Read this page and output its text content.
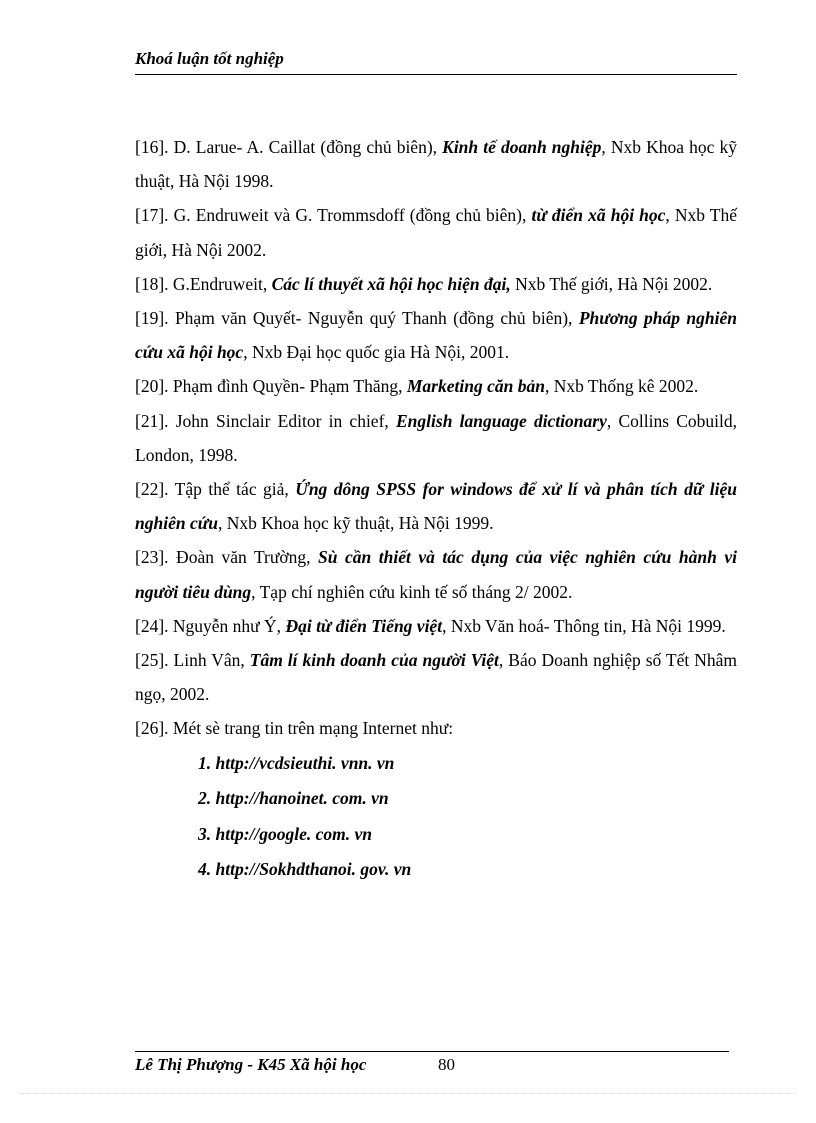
Khoá luận tốt nghiệp

[16]. D. Larue- A. Caillat (đồng chủ biên), Kinh tế doanh nghiệp, Nxb Khoa học kỹ thuật, Hà Nội 1998.

[17]. G. Endruweit và G. Trommsdoff (đồng chủ biên), từ điển xã hội học, Nxb Thế giới, Hà Nội 2002.

[18]. G.Endruweit, Các lí thuyết xã hội học hiện đại, Nxb Thế giới, Hà Nội 2002.

[19]. Phạm văn Quyết- Nguyễn quý Thanh (đồng chủ biên), Phương pháp nghiên cứu xã hội học, Nxb Đại học quốc gia Hà Nội, 2001.

[20]. Phạm đình Quyền- Phạm Thăng, Marketing căn bản, Nxb Thống kê 2002.

[21]. John Sinclair Editor in chief, English language dictionary, Collins Cobuild, London, 1998.

[22]. Tập thể tác giả, Ứng dông SPSS for windows để xử lí và phân tích dữ liệu nghiên cứu, Nxb Khoa học kỹ thuật, Hà Nội 1999.

[23]. Đoàn văn Trường, Sù cần thiết và tác dụng của việc nghiên cứu hành vi người tiêu dùng, Tạp chí nghiên cứu kinh tế số tháng 2/ 2002.

[24]. Nguyễn như Ý, Đại từ điển Tiếng việt, Nxb Văn hoá- Thông tin, Hà Nội 1999.

[25]. Linh Vân, Tâm lí kinh doanh của người Việt, Báo Doanh nghiệp số Tết Nhâm ngọ, 2002.

[26]. Mét sè trang tin trên mạng Internet như:

1. http://vcdsieuthi. vnn. vn

2. http://hanoinet. com. vn

3. http://google. com. vn

4. http://Sokhdthanoi. gov. vn

Lê Thị Phượng - K45 Xã hội học	80
